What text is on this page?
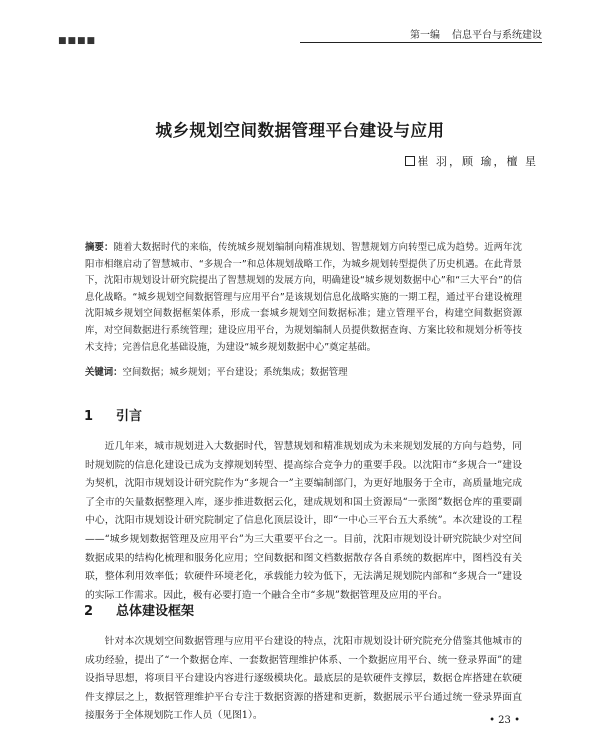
■■■■	第一编 信息平台与系统建设
城乡规划空间数据管理平台建设与应用
崔 羽，顾 瑜，檀 星
摘要：随着大数据时代的来临，传统城乡规划编制向精准规划、智慧规划方向转型已成为趋势。近两年沈阳市相继启动了智慧城市、“多规合一”和总体规划战略工作，为城乡规划转型提供了历史机遇。在此背景下，沈阳市规划设计研究院提出了智慧规划的发展方向，明确建设“城乡规划数据中心”和“三大平台”的信息化战略。“城乡规划空间数据管理与应用平台”是该规划信息化战略实施的一期工程，通过平台建设梳理沈阳城乡规划空间数据框架体系，形成一套城乡规划空间数据标准；建立管理平台，构建空间数据资源库，对空间数据进行系统管理；建设应用平台，为规划编制人员提供数据查询、方案比较和规划分析等技术支持；完善信息化基础设施，为建设“城乡规划数据中心”奠定基础。
关键词：空间数据；城乡规划；平台建设；系统集成；数据管理
1 引言
近几年来，城市规划进入大数据时代，智慧规划和精准规划成为未来规划发展的方向与趋势，同时规划院的信息化建设已成为支撑规划转型、提高综合竞争力的重要手段。以沈阳市“多规合一”建设为契机，沈阳市规划设计研究院作为“多规合一”主要编制部门，为更好地服务于全市，高质量地完成了全市的矢量数据整理入库，逐步推进数据云化，建成规划和国土资源局“一张图”数据仓库的重要副中心，沈阳市规划设计研究院制定了信息化顶层设计，即“一中心三平台五大系统”。本次建设的工程——“城乡规划数据管理及应用平台”为三大重要平台之一。目前，沈阳市规划设计研究院缺少对空间数据成果的结构化梳理和服务化应用；空间数据和图文档数据散存各自系统的数据库中，图档没有关联，整体利用效率低；软硬件环境老化，承载能力较为低下，无法满足规划院内部和“多规合一”建设的实际工作需求。因此，极有必要打造一个融合全市“多规”数据管理及应用的平台。
2 总体建设框架
针对本次规划空间数据管理与应用平台建设的特点，沈阳市规划设计研究院充分借鉴其他城市的成功经验，提出了“一个数据仓库、一套数据管理维护体系、一个数据应用平台、统一登录界面”的建设指导思想，将项目平台建设内容进行逐级模块化。最底层的是软硬件支撑层，数据仓库搭建在软硬件支撑层之上，数据管理维护平台专注于数据资源的搭建和更新，数据展示平台通过统一登录界面直接服务于全体规划院工作人员（见图1）。	• 23 •
